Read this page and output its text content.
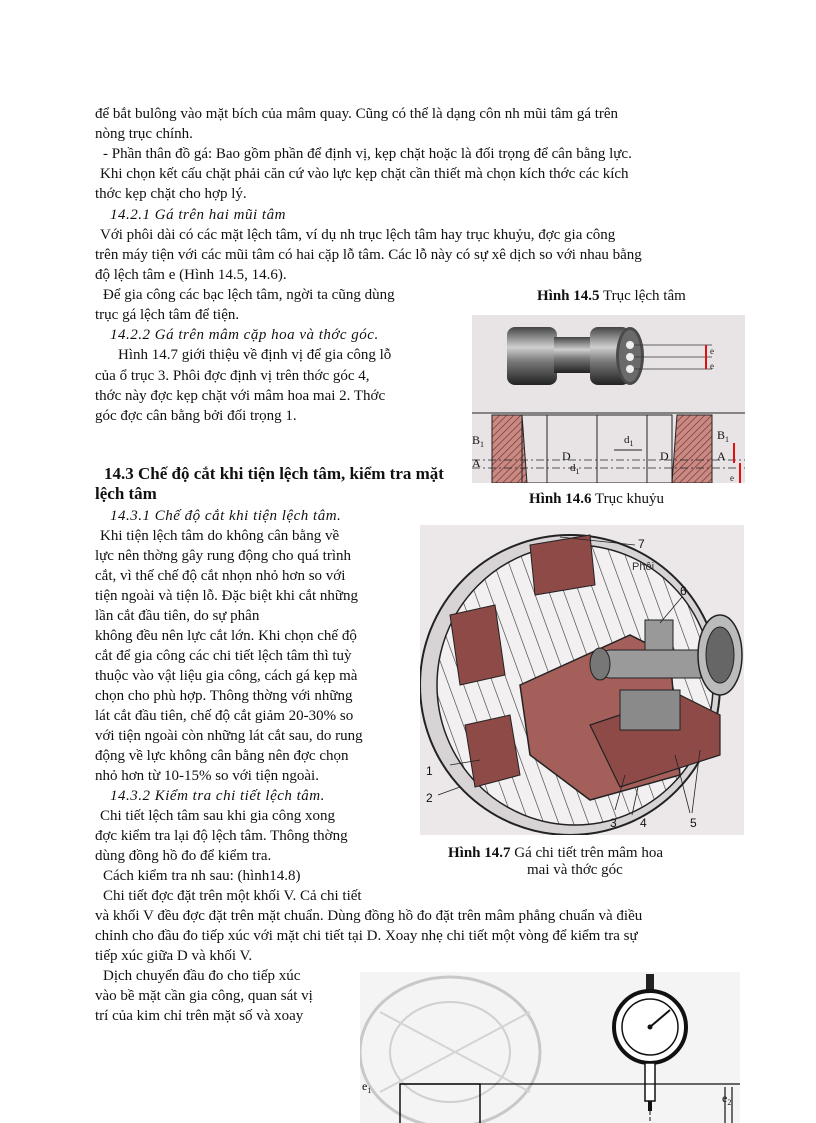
để bắt bulông vào mặt bích của mâm quay. Cũng có thể là dạng côn nh mũi tâm gá trên
nòng trục chính.
- Phần thân đồ gá: Bao gồm phần để định vị, kẹp chặt hoặc là đối trọng để cân bằng lực.
Khi chọn kết cấu chặt phải căn cứ vào lực kẹp chặt cần thiết mà chọn kích thớc các kích
thớc kẹp chặt cho hợp lý.
14.2.1 Gá trên hai mũi tâm
Với phôi dài có các mặt lệch tâm, ví dụ nh trục lệch tâm hay trục khuỷu, đợc gia công
trên máy tiện với các mũi tâm có hai cặp lỗ tâm. Các lỗ này có sự xê dịch so với nhau bằng
độ lệch tâm e (Hình 14.5, 14.6).
Để gia công các bạc lệch tâm, ngời ta cũng dùng
trục gá lệch tâm để tiện.
14.2.2 Gá trên mâm cặp hoa và thớc góc.
Hình 14.7 giới thiệu về định vị để gia công lỗ
của ổ trục 3. Phôi đợc định vị trên thớc góc 4,
thớc này đợc kẹp chặt với mâm hoa mai 2. Thớc
góc đợc cân bằng bởi đối trọng 1.
14.3 Chế độ cắt khi tiện lệch tâm, kiểm tra mặt
lệch tâm
14.3.1 Chế độ cắt khi tiện lệch tâm.
Khi tiện lệch tâm do không cân bằng về
lực nên thờng gây rung động cho quá trình
cắt, vì thế chế độ cắt nhọn nhỏ hơn so với
tiện ngoài và tiện lỗ. Đặc biệt khi cắt những
lần cắt đầu tiên, do sự phân
không đều nên lực cắt lớn. Khi chọn chế độ
cắt để gia công các chi tiết lệch tâm thì tuỳ
thuộc vào vật liệu gia công, cách gá kẹp mà
chọn cho phù hợp. Thông thờng với những
lát cắt đầu tiên, chế độ cắt giảm 20-30% so
với tiện ngoài còn những lát cắt sau, do rung
động về lực không cân bằng nên đợc chọn
nhỏ hơn từ 10-15% so với tiện ngoài.
14.3.2 Kiểm tra chi tiết lệch tâm.
Chi tiết lệch tâm sau khi gia công xong
đợc kiểm tra lại độ lệch tâm. Thông thờng
dùng đồng hồ đo để kiểm tra.
Cách kiểm tra nh sau: (hình14.8)
Chi tiết đợc đặt trên một khối V. Cả chi tiết
và khối V đều đợc đặt trên mặt chuẩn. Dùng đồng hồ đo đặt trên mâm phẳng chuẩn và điều
chỉnh cho đầu đo tiếp xúc với mặt chi tiết tại D. Xoay nhẹ chi tiết một vòng để kiểm tra sự
tiếp xúc giữa D và khối V.
Dịch chuyển đầu đo cho tiếp xúc
vào bề mặt cần gia công, quan sát vị
trí của kim chỉ trên mặt số và xoay
Hình 14.5 Trục lệch tâm
Hình 14.6 Trục khuỷu
Hình 14.7 Gá chi tiết trên mâm hoa
mai và thớc góc
e
e
$B_1$
A
$B_1$
A
D	D
$d_1$
$d_1$
e
7
6
Phôi
1
2
3 4	5
$e_1$
$e_2$
